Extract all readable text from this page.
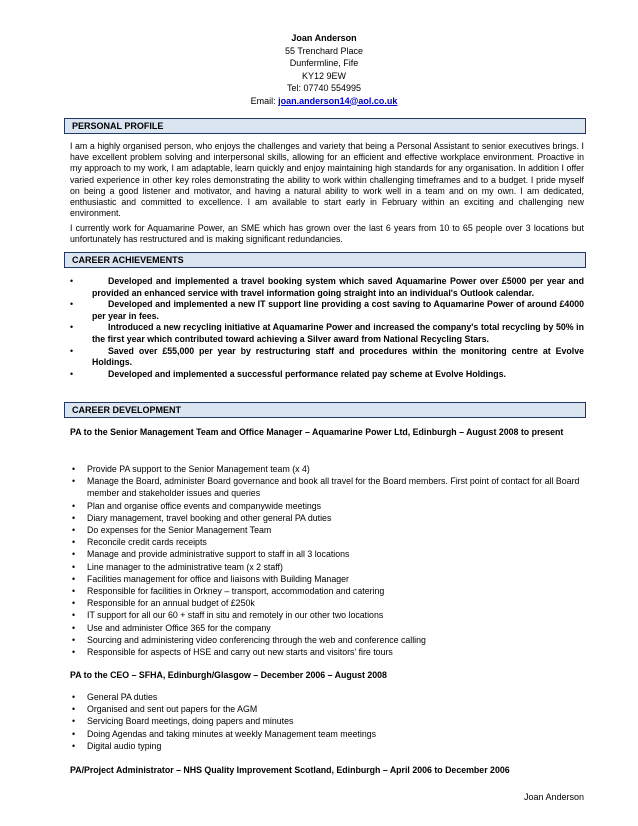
Joan Anderson
55 Trenchard Place
Dunfermline, Fife
KY12 9EW
Tel: 07740 554995
Email: joan.anderson14@aol.co.uk
PERSONAL PROFILE
I am a highly organised person, who enjoys the challenges and variety that being a Personal Assistant to senior executives brings. I have excellent problem solving and interpersonal skills, allowing for an efficient and effective workplace environment. Proactive in my approach to my work, I am adaptable, learn quickly and enjoy maintaining high standards for any organisation. In addition I offer varied experience in other key roles demonstrating the ability to work within challenging timeframes and to a budget. I pride myself on being a good listener and motivator, and having a natural ability to work well in a team and on my own. I am dedicated, enthusiastic and committed to excellence. I am available to start early in February within an exciting and challenging new environment.
I currently work for Aquamarine Power, an SME which has grown over the last 6 years from 10 to 65 people over 3 locations but unfortunately has restructured and is making significant redundancies.
CAREER ACHIEVEMENTS
•	Developed and implemented a travel booking system which saved Aquamarine Power over £5000 per year and provided an enhanced service with travel information going straight into an individual's Outlook calendar.
•	Developed and implemented a new IT support line providing a cost saving to Aquamarine Power of around £4000 per year in fees.
•	Introduced a new recycling initiative at Aquamarine Power and increased the company's total recycling by 50% in the first year which contributed toward achieving a Silver award from National Recycling Stars.
•	Saved over £55,000 per year by restructuring staff and procedures within the monitoring centre at Evolve Holdings.
•	Developed and implemented a successful performance related pay scheme at Evolve Holdings.
CAREER DEVELOPMENT
PA to the Senior Management Team and Office Manager – Aquamarine Power Ltd, Edinburgh – August 2008 to present
• Provide PA support to the Senior Management team (x 4)
• Manage the Board, administer Board governance and book all travel for the Board members. First point of contact for all Board member and stakeholder issues and queries
• Plan and organise office events and companywide meetings
• Diary management, travel booking and other general PA duties
• Do expenses for the Senior Management Team
• Reconcile credit cards receipts
• Manage and provide administrative support to staff in all 3 locations
• Line manager to the administrative team (x 2 staff)
• Facilities management for office and liaisons with Building Manager
• Responsible for facilities in Orkney – transport, accommodation and catering
• Responsible for an annual budget of £250k
• IT support for all our 60 + staff in situ and remotely in our other two locations
• Use and administer Office 365 for the company
• Sourcing and administering video conferencing through the web and conference calling
• Responsible for aspects of HSE and carry out new starts and visitors' fire tours
PA to the CEO – SFHA, Edinburgh/Glasgow – December 2006 – August 2008
• General PA duties
• Organised and sent out papers for the AGM
• Servicing Board meetings, doing papers and minutes
• Doing Agendas and taking minutes at weekly Management team meetings
• Digital audio typing
PA/Project Administrator – NHS Quality Improvement Scotland, Edinburgh – April 2006 to December 2006
Joan Anderson
